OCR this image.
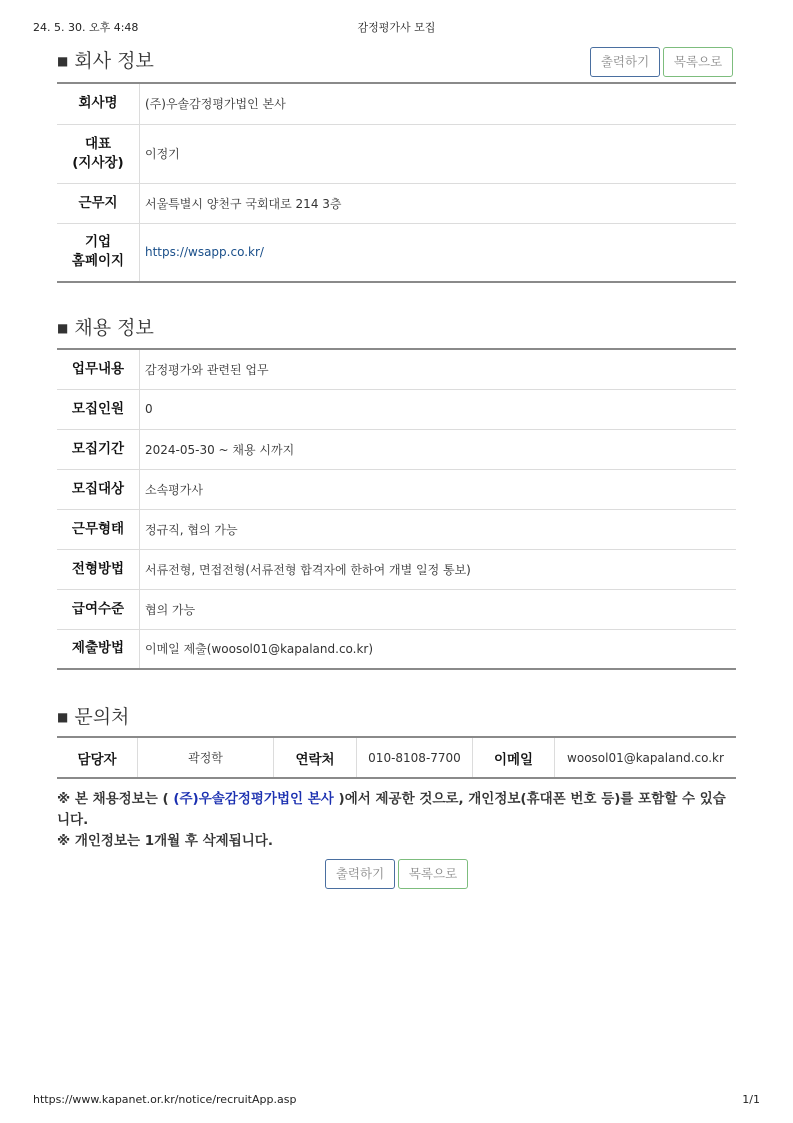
24. 5. 30. 오후 4:48	감정평가사 모집
■ 회사 정보	출력하기	목록으로
회사명	(주)우솔감정평가법인 본사
대표
(지사장)	이정기
근무지	서울특별시 양천구 국회대로 214 3층
기업
홈페이지	https://wsapp.co.kr/
■ 채용 정보
업무내용	감정평가와 관련된 업무
모집인원	0
모집기간	2024-05-30 ~ 채용 시까지
모집대상	소속평가사
근무형태	정규직, 협의 가능
전형방법	서류전형, 면접전형(서류전형 합격자에 한하여 개별 일정 통보)
급여수준	협의 가능
제출방법	이메일 제출(woosol01@kapaland.co.kr)
■ 문의처
담당자	곽정학	연락처	010-8108-7700	이메일	woosol01@kapaland.co.kr
※ 본 채용정보는 ( (주)우솔감정평가법인 본사 )에서 제공한 것으로, 개인정보(휴대폰 번호 등)를 포함할 수 있습니다.
※ 개인정보는 1개월 후 삭제됩니다.
출력하기	목록으로
https://www.kapanet.or.kr/notice/recruitApp.asp	1/1
